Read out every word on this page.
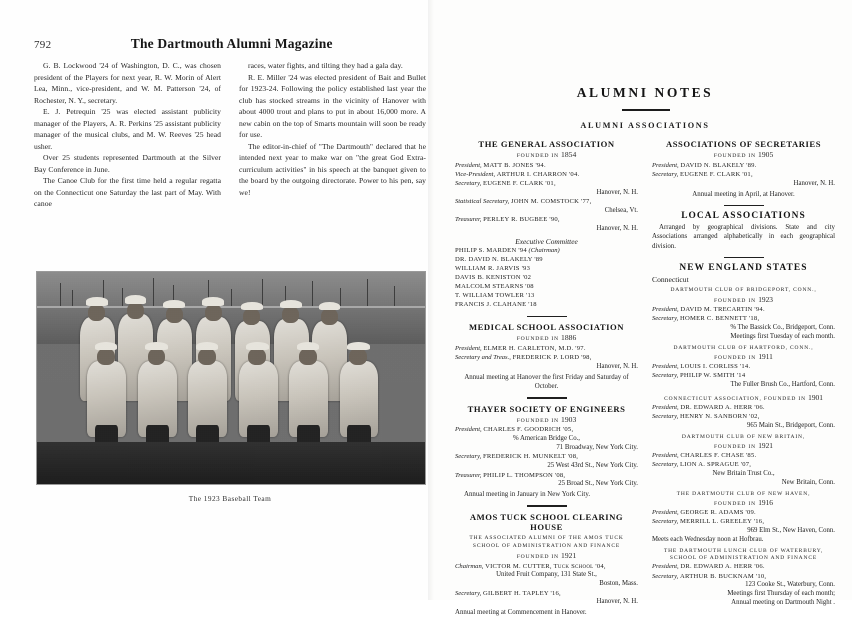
792	The Dartmouth Alumni Magazine

G. B. Lockwood '24 of Washington, D. C., was chosen president of the Players for next year, R. W. Morin of Alert Lea, Minn., vice-president, and W. M. Patterson '24, of Rochester, N. Y., secretary.

E. J. Petrequin '25 was elected assistant publicity manager of the Players, A. R. Perkins '25 assistant publicity manager of the musical clubs, and M. W. Reeves '25 head usher.

Over 25 students represented Dartmouth at the Silver Bay Conference in June.

The Canoe Club for the first time held a regular regatta on the Connecticut one Saturday the last part of May. With canoe

races, water fights, and tilting they had a gala day.

R. E. Miller '24 was elected president of Bait and Bullet for 1923-24. Following the policy established last year the club has stocked streams in the vicinity of Hanover with about 4000 trout and plans to put in about 16,000 more. A new cabin on the top of Smarts mountain will soon be ready for use.

The editor-in-chief of "The Dartmouth" declared that he intended next year to make war on "the great God Extra-curriculum activities" in his speech at the banquet given to the board by the outgoing directorate. Power to his pen, say we!

The 1923 Baseball Team
ALUMNI NOTES
ALUMNI ASSOCIATIONS
THE GENERAL ASSOCIATION
FOUNDED IN 1854

President, MATT B. JONES '94.

Vice-President, ARTHUR I. CHARRON '04.

Secretary, EUGENE F. CLARK '01,

Hanover, N. H.

Statistical Secretary, JOHN M. COMSTOCK '77,

Chelsea, Vt.

Treasurer, PERLEY R. BUGBEE '90,

Hanover, N. H.

Executive Committee

PHILIP S. MARDEN '94 (Chairman)

DR. DAVID N. BLAKELY '89

WILLIAM R. JARVIS '93

DAVIS B. KENISTON '02

MALCOLM STEARNS '08

T. WILLIAM TOWLER '13

FRANCIS J. CLAHANE '18

MEDICAL SCHOOL ASSOCIATION
FOUNDED IN 1886

President, ELMER H. CARLETON, M.D. '97.

Secretary and Treas., FREDERICK P. LORD '98,

Hanover, N. H.

Annual meeting at Hanover the first Friday and Saturday of October.

THAYER SOCIETY OF ENGINEERS
FOUNDED IN 1903

President, CHARLES F. GOODRICH '05,

% American Bridge Co.,

71 Broadway, New York City.

Secretary, FREDERICK H. MUNKELT '08,

25 West 43rd St., New York City.

Treasurer, PHILIP L. THOMPSON '08,

25 Broad St., New York City.

Annual meeting in January in New York City.

AMOS TUCK SCHOOL CLEARING
HOUSE
THE ASSOCIATED ALUMNI OF THE AMOS TUCK
SCHOOL OF ADMINISTRATION AND FINANCE
FOUNDED IN 1921

Chairman, VICTOR M. CUTTER, Tuck School '04,

United Fruit Company, 131 State St.,

Boston, Mass.

Secretary, GILBERT H. TAPLEY '16,

Hanover, N. H.

Annual meeting at Commencement in Hanover.

ASSOCIATIONS OF SECRETARIES
FOUNDED IN 1905

President, DAVID N. BLAKELY '89.

Secretary, EUGENE F. CLARK '01,

Hanover, N. H.

Annual meeting in April, at Hanover.

LOCAL ASSOCIATIONS

Arranged by geographical divisions. State and city Associations arranged alphabetically in each geographical division.

NEW ENGLAND STATES
Connecticut
DARTMOUTH CLUB OF BRIDGEPORT, CONN.,
FOUNDED IN 1923

President, DAVID M. TRECARTIN '94.

Secretary, HOMER C. BENNETT '18,

% The Bassick Co., Bridgeport, Conn.

Meetings first Tuesday of each month.

DARTMOUTH CLUB OF HARTFORD, CONN.,
FOUNDED IN 1911

President, LOUIS I. CORLISS '14.

Secretary, PHILIP W. SMITH '14

The Fuller Brush Co., Hartford, Conn.

CONNECTICUT ASSOCIATION, FOUNDED IN 1901

President, DR. EDWARD A. HERR '06.

Secretary, HENRY N. SANBORN '02,

965 Main St., Bridgeport, Conn.

DARTMOUTH CLUB OF NEW BRITAIN,
FOUNDED IN 1921

President, CHARLES F. CHASE '85.

Secretary, LION A. SPRAGUE '07,

New Britain Trust Co.,

New Britain, Conn.

THE DARTMOUTH CLUB OF NEW HAVEN,
FOUNDED IN 1916

President, GEORGE R. ADAMS '09.

Secretary, MERRILL L. GREELEY '16,

969 Elm St., New Haven, Conn.

Meets each Wednesday noon at Hofbrau.

THE DARTMOUTH LUNCH CLUB OF WATERBURY,
SCHOOL OF ADMINISTRATION AND FINANCE

President, DR. EDWARD A. HERR '06.

Secretary, ARTHUR B. BUCKNAM '10,

123 Cooke St., Waterbury, Conn.

Meetings first Thursday of each month;

Annual meeting on Dartmouth Night .
